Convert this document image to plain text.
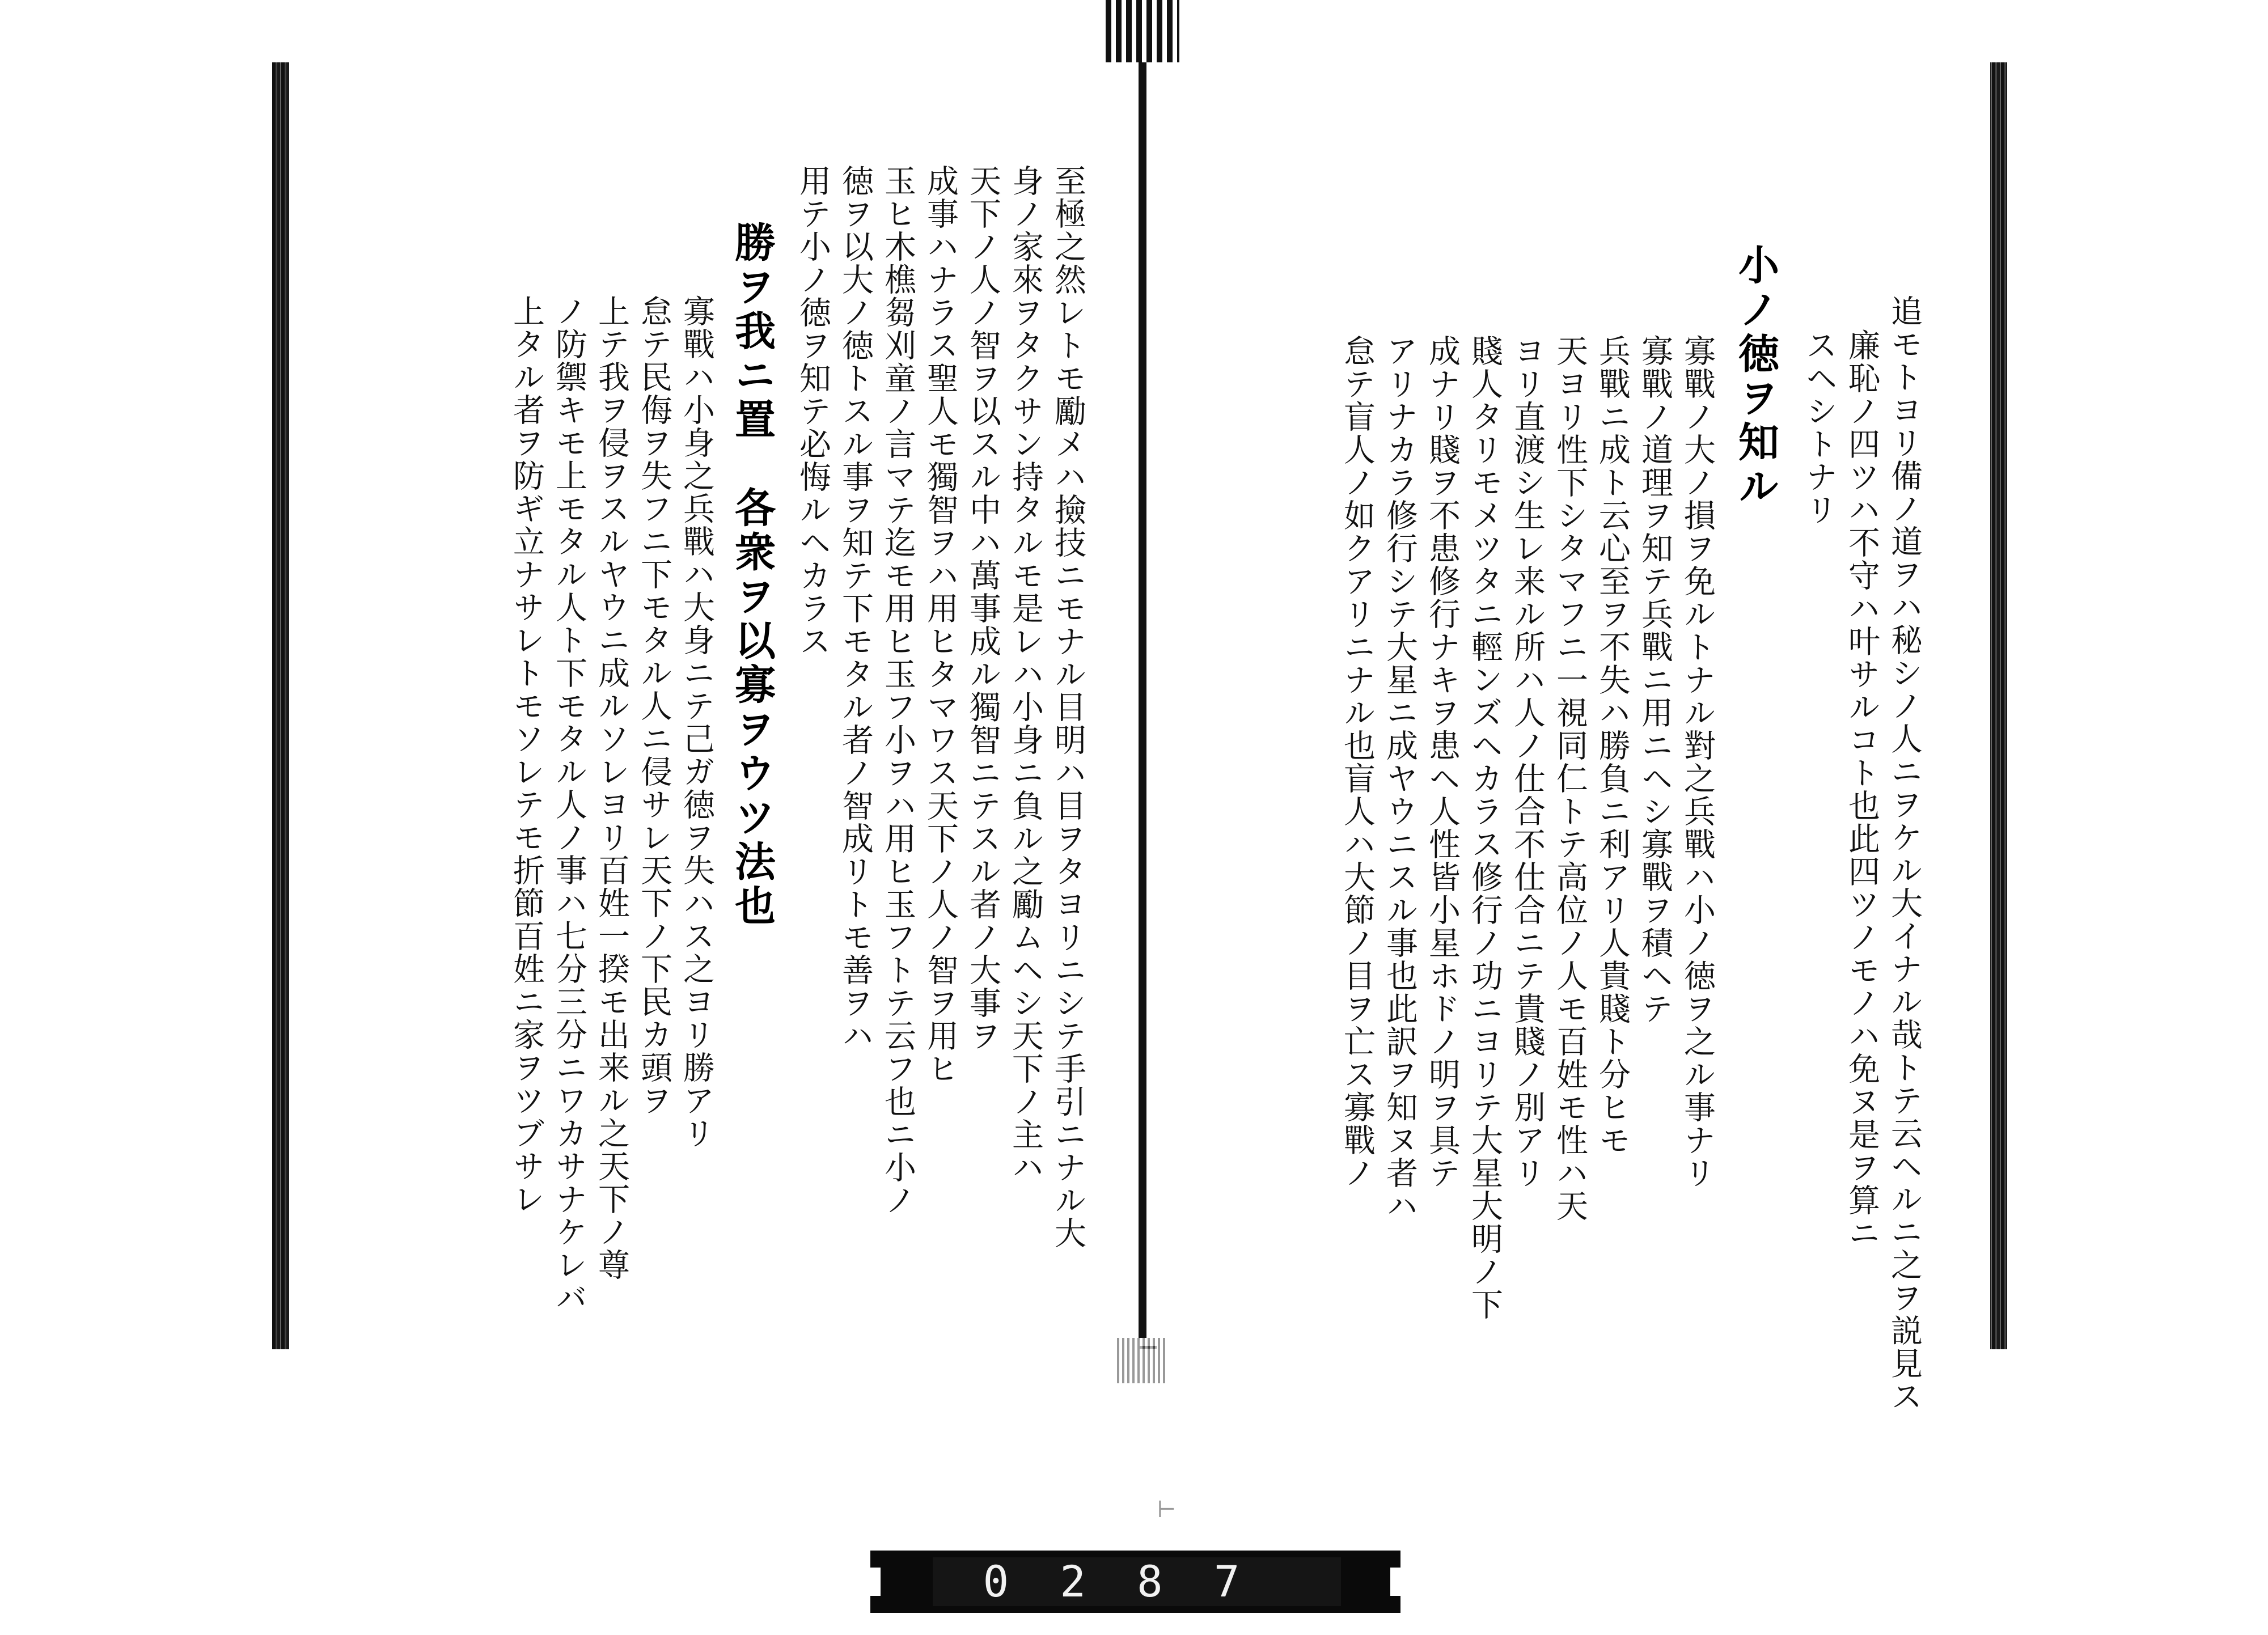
至極之然レトモ勵メハ撿技ニモナル目明ハ目ヲタヨリニシテ手引ニナル大
身ノ家來ヲタクサン持タルモ是レハ小身ニ負ル之勵ムヘシ天下ノ主ハ
天下ノ人ノ智ヲ以スル中ハ萬事成ル獨智ニテスル者ノ大事ヲ
成事ハナラス聖人モ獨智ヲハ用ヒタマワス天下ノ人ノ智ヲ用ヒ
玉ヒ木樵芻刈童ノ言マテ迄モ用ヒ玉フ小ヲハ用ヒ玉フトテ云フ也ニ小ノ
徳ヲ以大ノ徳トスル事ヲ知テ下モタル者ノ智成リトモ善ヲハ
用テ小ノ徳ヲ知テ必悔ルヘカラス
勝ヲ我ニ置　各衆ヲ以寡ヲウツ法也
寡戰ハ小身之兵戰ハ大身ニテ己ガ徳ヲ失ハス之ヨリ勝アリ
怠テ民侮ヲ失フニ下モタル人ニ侵サレ天下ノ下民カ頭ヲ
上テ我ヲ侵ヲスルヤウニ成ルソレヨリ百姓一揆モ出来ル之天下ノ尊
ノ防禦キモ上モタル人ト下モタル人ノ事ハ七分三分ニワカサナケレバ
上タル者ヲ防ギ立ナサレトモソレテモ折節百姓ニ家ヲツブサレ	追モトヨリ備ノ道ヲハ秘シノ人ニヲケル大イナル哉トテ云ヘルニ之ヲ説見ス
廉恥ノ四ツハ不守ハ叶サルコト也此四ツノモノハ免ヌ是ヲ算ニ
スヘシトナリ
小ノ徳ヲ知ル
寡戰ノ大ノ損ヲ免ルトナル對之兵戰ハ小ノ徳ヲ之ル事ナリ
寡戰ノ道理ヲ知テ兵戰ニ用ニヘシ寡戰ヲ積ヘテ
兵戰ニ成ト云心至ヲ不失ハ勝負ニ利アリ人貴賤ト分ヒモ
天ヨリ性下シタマフニ一視同仁トテ高位ノ人モ百姓モ性ハ天
ヨリ直渡シ生レ来ル所ハ人ノ仕合不仕合ニテ貴賤ノ別アリ
賤人タリモメツタニ輕ンズヘカラス修行ノ功ニヨリテ大星大明ノ下
成ナリ賤ヲ不患修行ナキヲ患ヘ人性皆小星ホドノ明ヲ具テ
アリナカラ修行シテ大星ニ成ヤウニスル事也此訳ヲ知ヌ者ハ
怠テ盲人ノ如クアリニナル也盲人ハ大節ノ目ヲ亡ス寡戰ノ
⊢
0287
